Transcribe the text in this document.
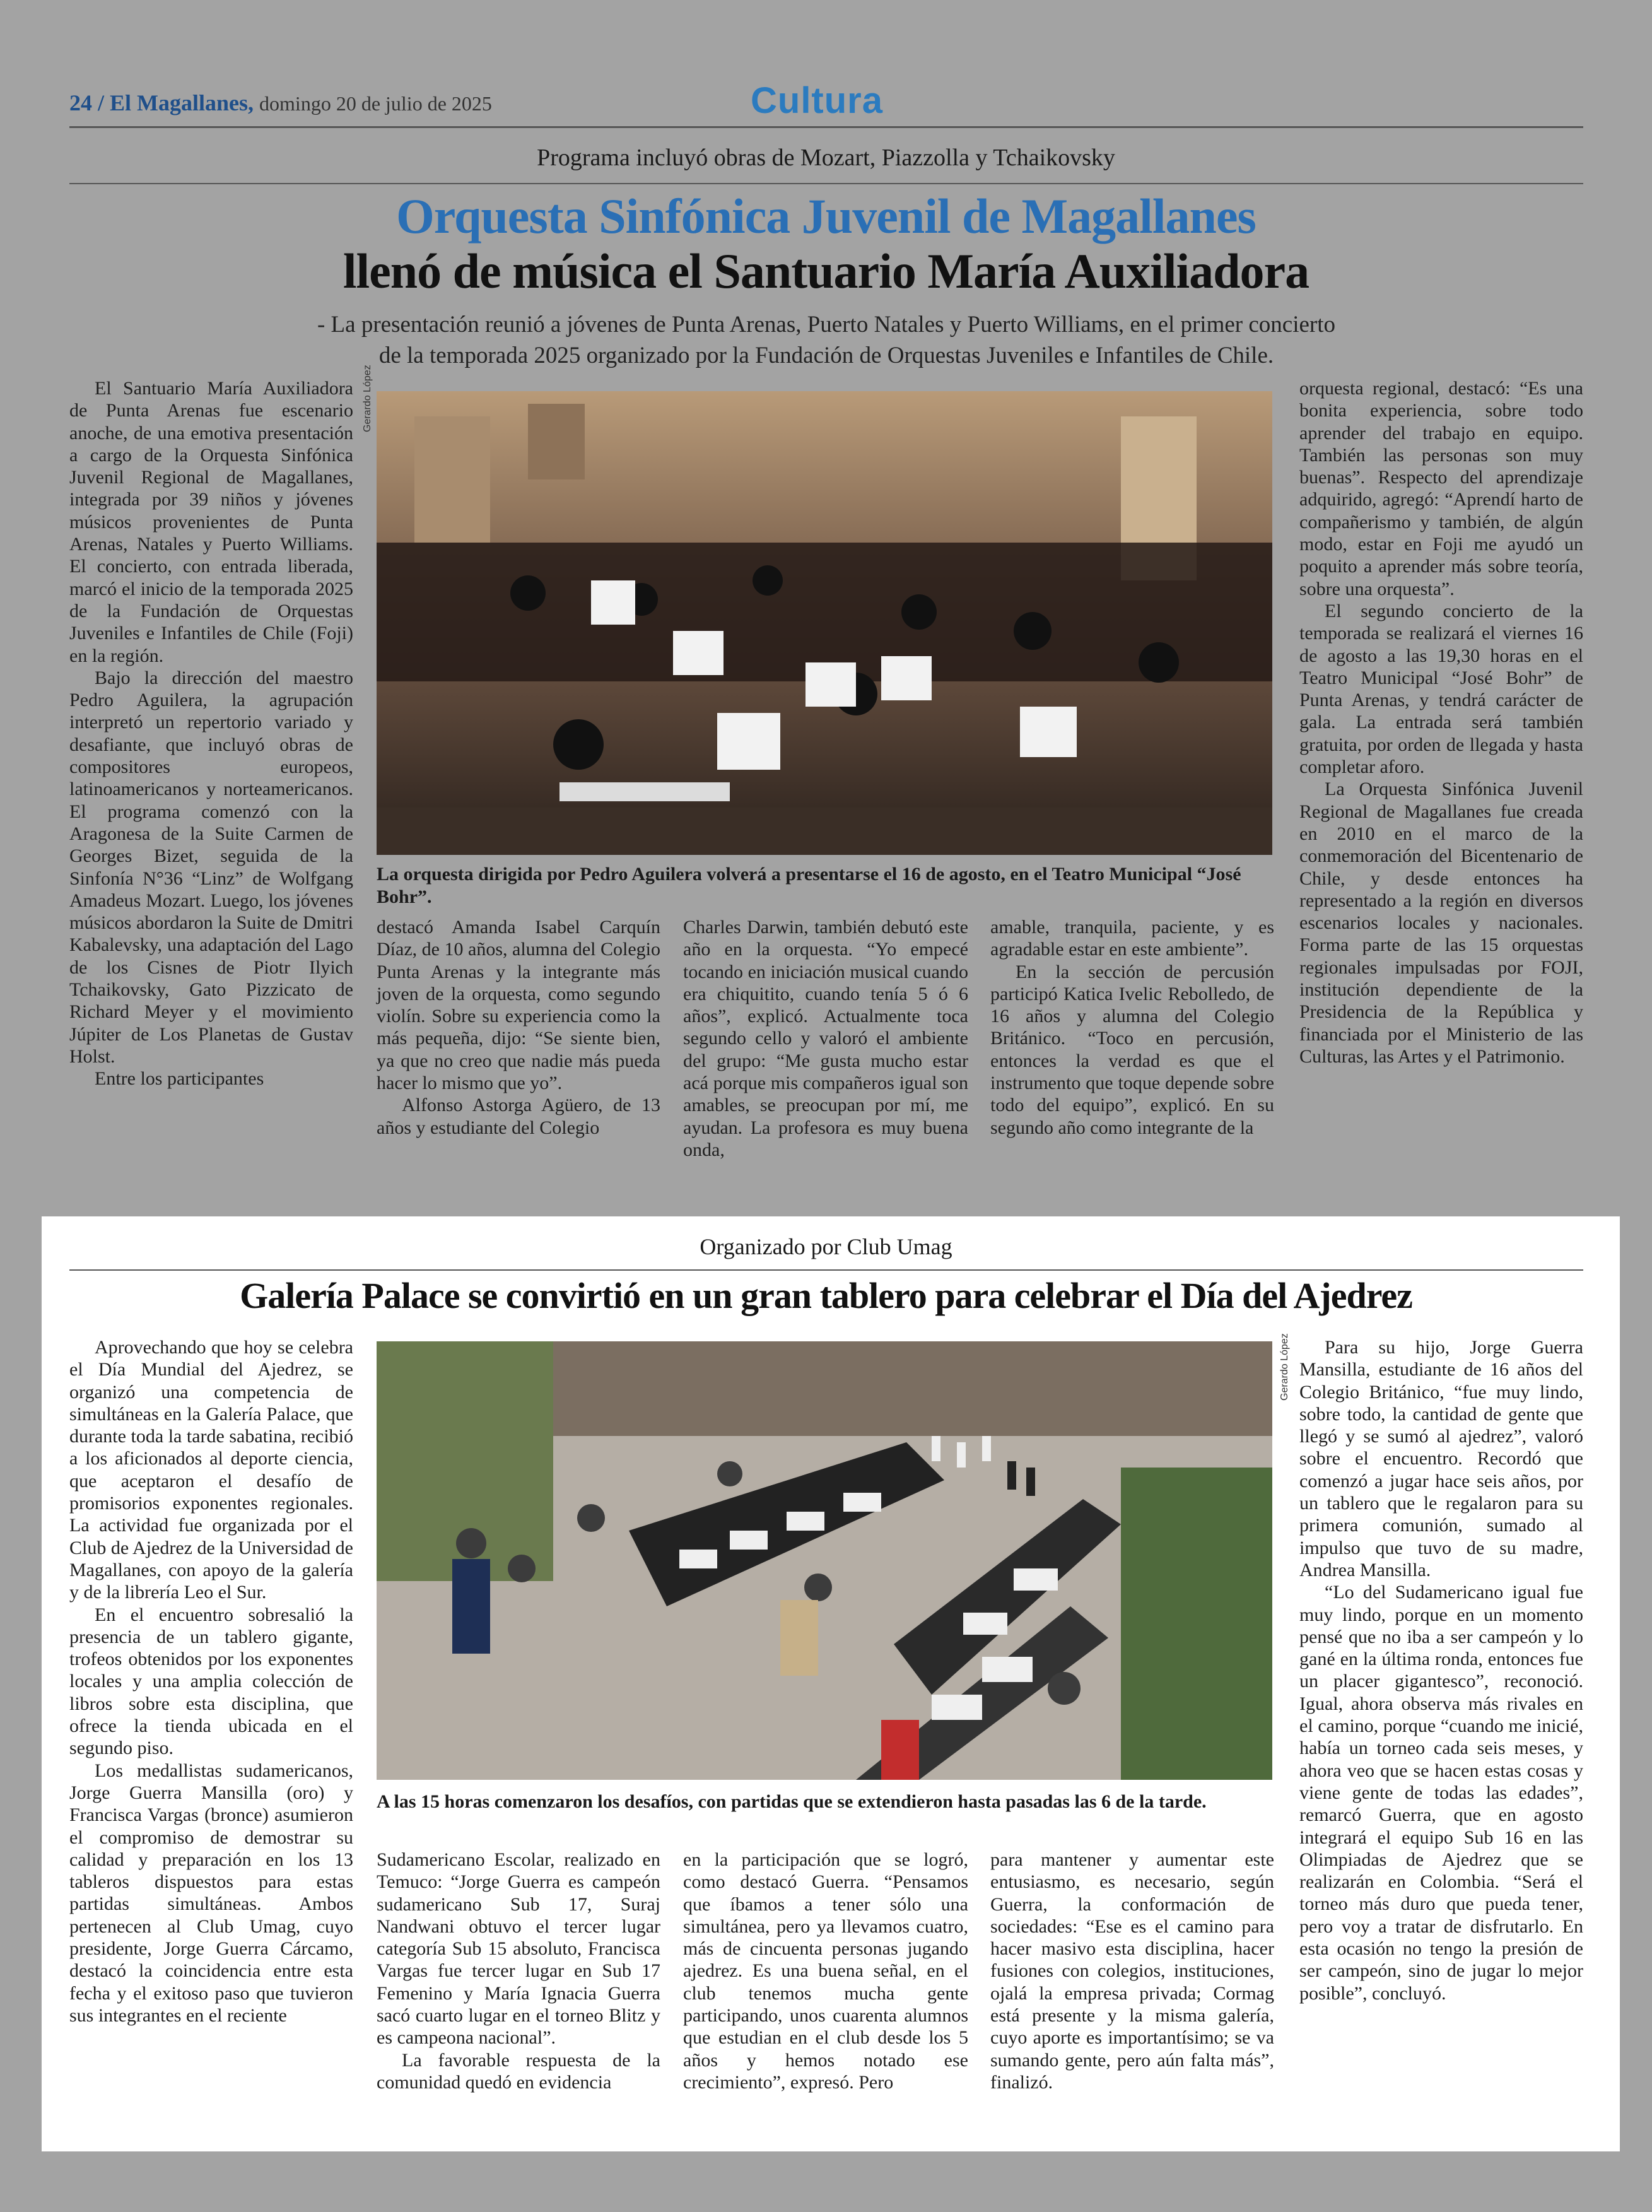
24 / El Magallanes, domingo 20 de julio de 2025	Cultura
Programa incluyó obras de Mozart, Piazzolla y Tchaikovsky
Orquesta Sinfónica Juvenil de Magallanes
llenó de música el Santuario María Auxiliadora
- La presentación reunió a jóvenes de Punta Arenas, Puerto Natales y Puerto Williams, en el primer concierto
de la temporada 2025 organizado por la Fundación de Orquestas Juveniles e Infantiles de Chile.

El Santuario María Auxiliadora de Punta Arenas fue escenario anoche, de una emotiva presentación a cargo de la Orquesta Sinfónica Juvenil Regional de Magallanes, integrada por 39 niños y jóvenes músicos provenientes de Punta Arenas, Natales y Puerto Williams. El concierto, con entrada liberada, marcó el inicio de la temporada 2025 de la Fundación de Orquestas Juveniles e Infantiles de Chile (Foji) en la región.

Bajo la dirección del maestro Pedro Aguilera, la agrupación interpretó un repertorio variado y desafiante, que incluyó obras de compositores europeos, latinoamericanos y norteamericanos. El programa comenzó con la Aragonesa de la Suite Carmen de Georges Bizet, seguida de la Sinfonía N°36 “Linz” de Wolfgang Amadeus Mozart. Luego, los jóvenes músicos abordaron la Suite de Dmitri Kabalevsky, una adaptación del Lago de los Cisnes de Piotr Ilyich Tchaikovsky, Gato Pizzicato de Richard Meyer y el movimiento Júpiter de Los Planetas de Gustav Holst.

Entre los participantes

Gerardo López
La orquesta dirigida por Pedro Aguilera volverá a presentarse el 16 de agosto, en el Teatro Municipal “José Bohr”.

destacó Amanda Isabel Carquín Díaz, de 10 años, alumna del Colegio Punta Arenas y la integrante más joven de la orquesta, como segundo violín. Sobre su experiencia como la más pequeña, dijo: “Se siente bien, ya que no creo que nadie más pueda hacer lo mismo que yo”.

Alfonso Astorga Agüero, de 13 años y estudiante del Colegio

Charles Darwin, también debutó este año en la orquesta. “Yo empecé tocando en iniciación musical cuando era chiquitito, cuando tenía 5 ó 6 años”, explicó. Actualmente toca segundo cello y valoró el ambiente del grupo: “Me gusta mucho estar acá porque mis compañeros igual son amables, se preocupan por mí, me ayudan. La profesora es muy buena onda,

amable, tranquila, paciente, y es agradable estar en este ambiente”.

En la sección de percusión participó Katica Ivelic Rebolledo, de 16 años y alumna del Colegio Británico. “Toco en percusión, entonces la verdad es que el instrumento que toque depende sobre todo del equipo”, explicó. En su segundo año como integrante de la

orquesta regional, destacó: “Es una bonita experiencia, sobre todo aprender del trabajo en equipo. También las personas son muy buenas”. Respecto del aprendizaje adquirido, agregó: “Aprendí harto de compañerismo y también, de algún modo, estar en Foji me ayudó un poquito a aprender más sobre teoría, sobre una orquesta”.

El segundo concierto de la temporada se realizará el viernes 16 de agosto a las 19,30 horas en el Teatro Municipal “José Bohr” de Punta Arenas, y tendrá carácter de gala. La entrada será también gratuita, por orden de llegada y hasta completar aforo.

La Orquesta Sinfónica Juvenil Regional de Magallanes fue creada en 2010 en el marco de la conmemoración del Bicentenario de Chile, y desde entonces ha representado a la región en diversos escenarios locales y nacionales. Forma parte de las 15 orquestas regionales impulsadas por FOJI, institución dependiente de la Presidencia de la República y financiada por el Ministerio de las Culturas, las Artes y el Patrimonio.

Organizado por Club Umag
Galería Palace se convirtió en un gran tablero para celebrar el Día del Ajedrez

Aprovechando que hoy se celebra el Día Mundial del Ajedrez, se organizó una competencia de simultáneas en la Galería Palace, que durante toda la tarde sabatina, recibió a los aficionados al deporte ciencia, que aceptaron el desafío de promisorios exponentes regionales. La actividad fue organizada por el Club de Ajedrez de la Universidad de Magallanes, con apoyo de la galería y de la librería Leo el Sur.

En el encuentro sobresalió la presencia de un tablero gigante, trofeos obtenidos por los exponentes locales y una amplia colección de libros sobre esta disciplina, que ofrece la tienda ubicada en el segundo piso.

Los medallistas sudamericanos, Jorge Guerra Mansilla (oro) y Francisca Vargas (bronce) asumieron el compromiso de demostrar su calidad y preparación en los 13 tableros dispuestos para estas partidas simultáneas. Ambos pertenecen al Club Umag, cuyo presidente, Jorge Guerra Cárcamo, destacó la coincidencia entre esta fecha y el exitoso paso que tuvieron sus integrantes en el reciente

Gerardo López
A las 15 horas comenzaron los desafíos, con partidas que se extendieron hasta pasadas las 6 de la tarde.

Sudamericano Escolar, realizado en Temuco: “Jorge Guerra es campeón sudamericano Sub 17, Suraj Nandwani obtuvo el tercer lugar categoría Sub 15 absoluto, Francisca Vargas fue tercer lugar en Sub 17 Femenino y María Ignacia Guerra sacó cuarto lugar en el torneo Blitz y es campeona nacional”.

La favorable respuesta de la comunidad quedó en evidencia

en la participación que se logró, como destacó Guerra. “Pensamos que íbamos a tener sólo una simultánea, pero ya llevamos cuatro, más de cincuenta personas jugando ajedrez. Es una buena señal, en el club tenemos mucha gente participando, unos cuarenta alumnos que estudian en el club desde los 5 años y hemos notado ese crecimiento”, expresó. Pero

para mantener y aumentar este entusiasmo, es necesario, según Guerra, la conformación de sociedades: “Ese es el camino para hacer masivo esta disciplina, hacer fusiones con colegios, instituciones, ojalá la empresa privada; Cormag está presente y la misma galería, cuyo aporte es importantísimo; se va sumando gente, pero aún falta más”, finalizó.

Para su hijo, Jorge Guerra Mansilla, estudiante de 16 años del Colegio Británico, “fue muy lindo, sobre todo, la cantidad de gente que llegó y se sumó al ajedrez”, valoró sobre el encuentro. Recordó que comenzó a jugar hace seis años, por un tablero que le regalaron para su primera comunión, sumado al impulso que tuvo de su madre, Andrea Mansilla.

“Lo del Sudamericano igual fue muy lindo, porque en un momento pensé que no iba a ser campeón y lo gané en la última ronda, entonces fue un placer gigantesco”, reconoció. Igual, ahora observa más rivales en el camino, porque “cuando me inicié, había un torneo cada seis meses, y ahora veo que se hacen estas cosas y viene gente de todas las edades”, remarcó Guerra, que en agosto integrará el equipo Sub 16 en las Olimpiadas de Ajedrez que se realizarán en Colombia. “Será el torneo más duro que pueda tener, pero voy a tratar de disfrutarlo. En esta ocasión no tengo la presión de ser campeón, sino de jugar lo mejor posible”, concluyó.
